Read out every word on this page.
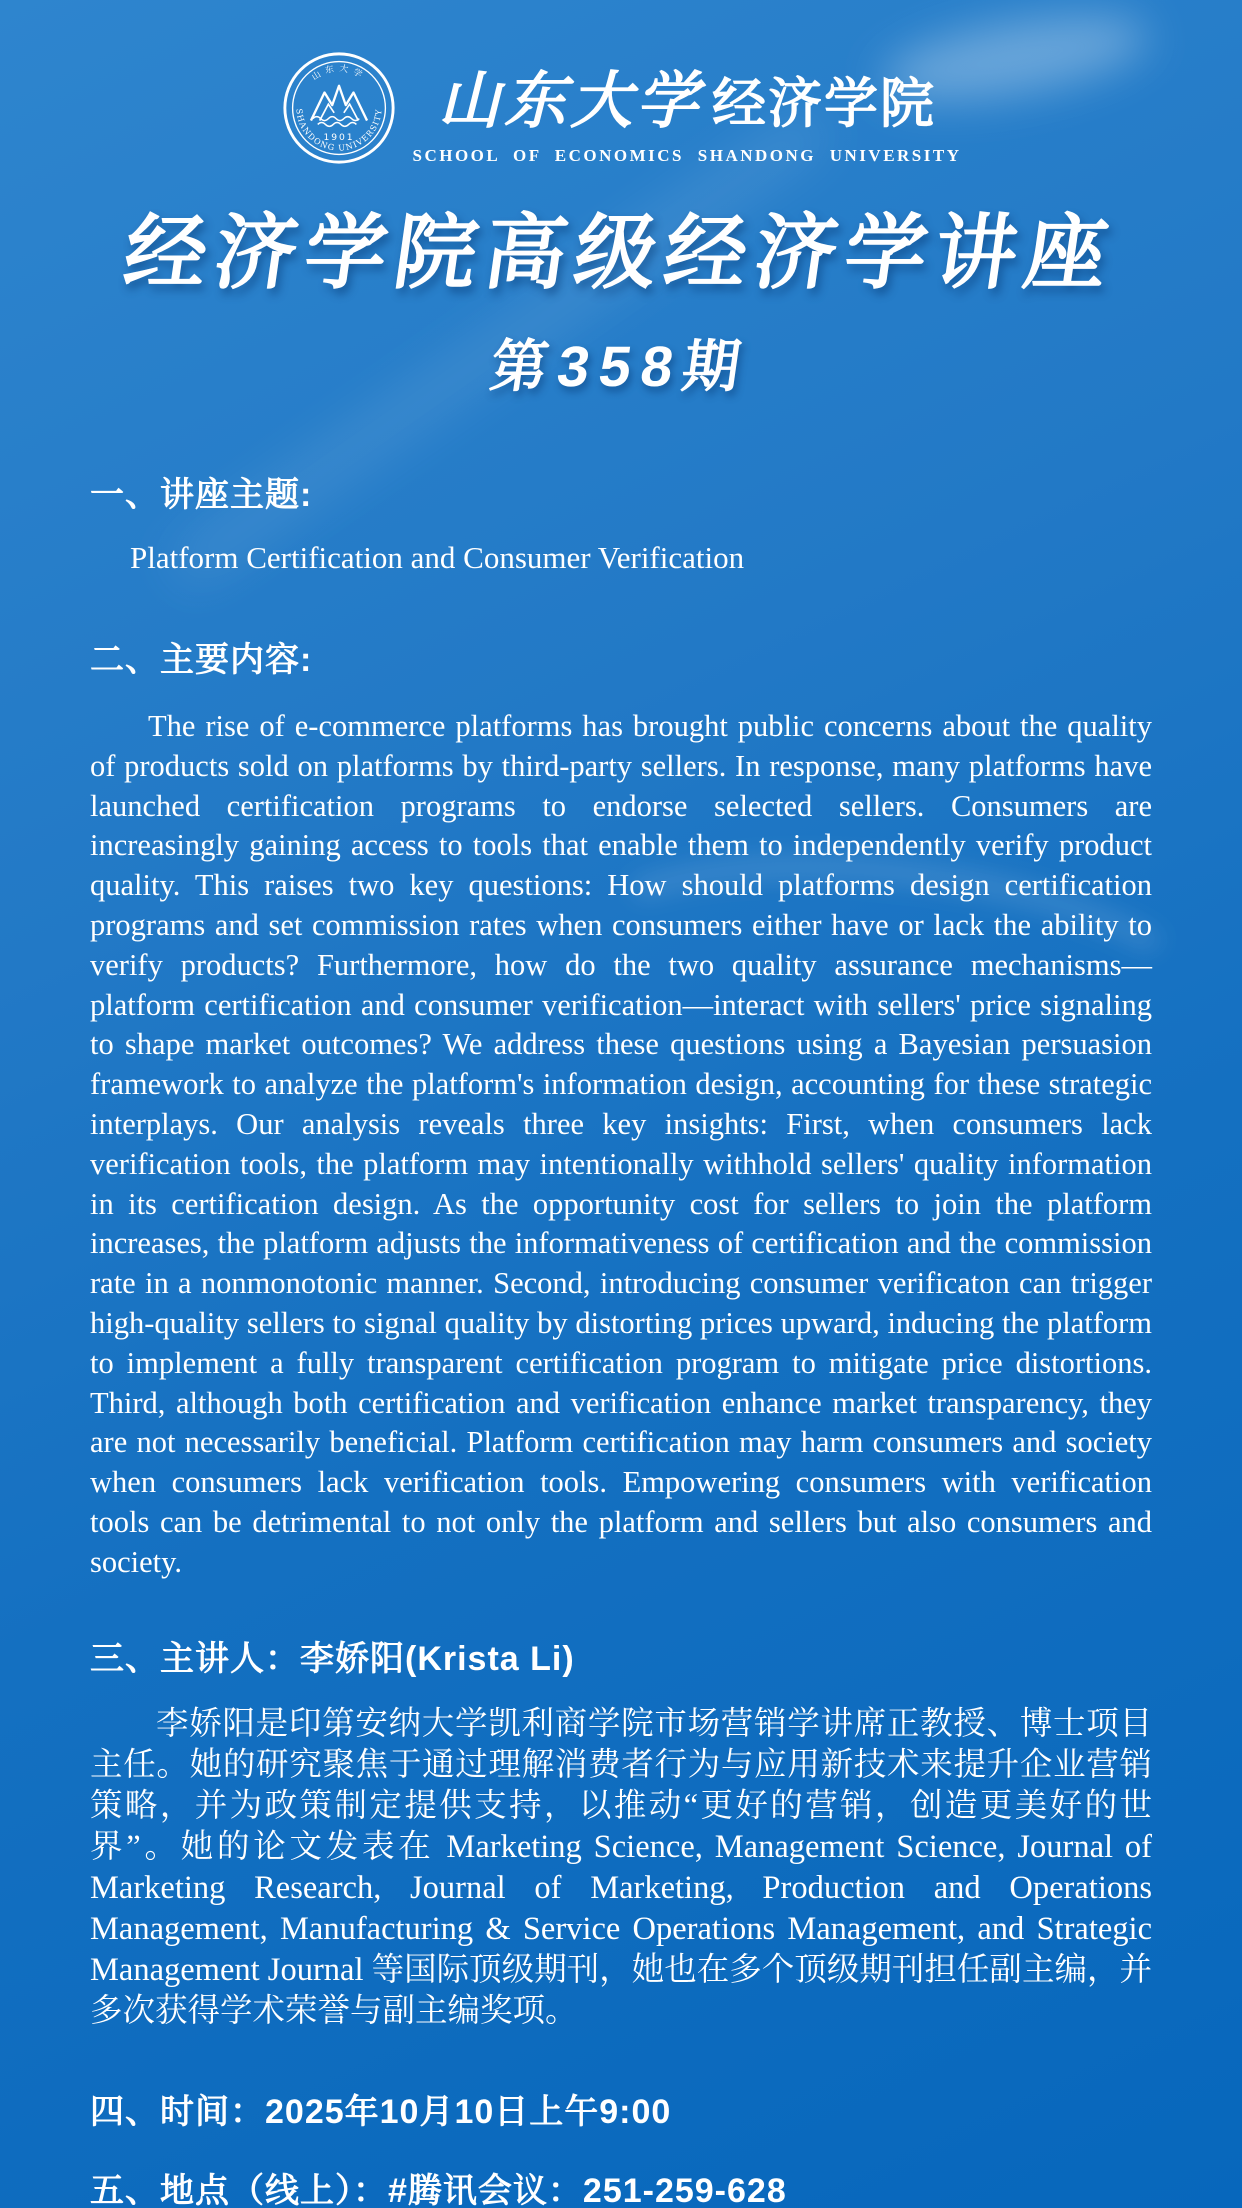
1901
SHANDONG UNIVERSITY
山东大学 山东大学 经济学院
SCHOOL OF ECONOMICS SHANDONG UNIVERSITY
经济学院高级经济学讲座
第358期
一、讲座主题:
Platform Certification and Consumer Verification
二、主要内容:
The rise of e-commerce platforms has brought public concerns about the quality of products sold on platforms by third-party sellers. In response, many platforms have launched certification programs to endorse selected sellers. Consumers are increasingly gaining access to tools that enable them to independently verify product quality. This raises two key questions: How should platforms design certification programs and set commission rates when consumers either have or lack the ability to verify products? Furthermore, how do the two quality assurance mechanisms—platform certification and consumer verification—interact with sellers' price signaling to shape market outcomes? We address these questions using a Bayesian persuasion framework to analyze the platform's information design, accounting for these strategic interplays. Our analysis reveals three key insights: First, when consumers lack verification tools, the platform may intentionally withhold sellers' quality information in its certification design. As the opportunity cost for sellers to join the platform increases, the platform adjusts the informativeness of certification and the commission rate in a nonmonotonic manner. Second, introducing consumer verificaton can trigger high-quality sellers to signal quality by distorting prices upward, inducing the platform to implement a fully transparent certification program to mitigate price distortions. Third, although both certification and verification enhance market transparency, they are not necessarily beneficial. Platform certification may harm consumers and society when consumers lack verification tools. Empowering consumers with verification tools can be detrimental to not only the platform and sellers but also consumers and society.
三、主讲人：李娇阳(Krista Li)
李娇阳是印第安纳大学凯利商学院市场营销学讲席正教授、博士项目主任。她的研究聚焦于通过理解消费者行为与应用新技术来提升企业营销策略，并为政策制定提供支持，以推动“更好的营销，创造更美好的世界”。她的论文发表在 Marketing Science, Management Science, Journal of Marketing Research, Journal of Marketing, Production and Operations Management, Manufacturing & Service Operations Management, and Strategic Management Journal 等国际顶级期刊，她也在多个顶级期刊担任副主编，并多次获得学术荣誉与副主编奖项。
四、时间：2025年10月10日上午9:00
五、地点（线上）：#腾讯会议：251-259-628
